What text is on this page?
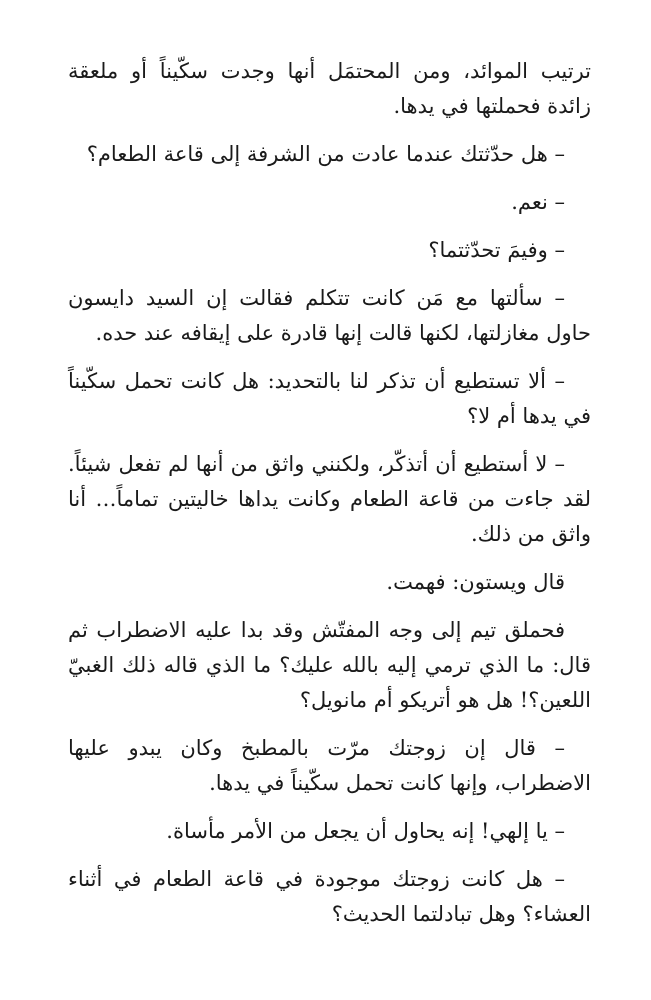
ترتيب الموائد، ومن المحتمَل أنها وجدت سكّيناً أو ملعقة زائدة فحملتها في يدها.

– هل حدّثتك عندما عادت من الشرفة إلى قاعة الطعام؟

– نعم.

– وفيمَ تحدّثتما؟

– سألتها مع مَن كانت تتكلم فقالت إن السيد دايسون حاول مغازلتها، لكنها قالت إنها قادرة على إيقافه عند حده.

– ألا تستطيع أن تذكر لنا بالتحديد: هل كانت تحمل سكّيناً في يدها أم لا؟

– لا أستطيع أن أتذكّر، ولكنني واثق من أنها لم تفعل شيئاً. لقد جاءت من قاعة الطعام وكانت يداها خاليتين تماماً… أنا واثق من ذلك.

قال ويستون: فهمت.

فحملق تيم إلى وجه المفتّش وقد بدا عليه الاضطراب ثم قال: ما الذي ترمي إليه بالله عليك؟ ما الذي قاله ذلك الغبيّ اللعين؟! هل هو أتريكو أم مانويل؟

– قال إن زوجتك مرّت بالمطبخ وكان يبدو عليها الاضطراب، وإنها كانت تحمل سكّيناً في يدها.

– يا إلهي! إنه يحاول أن يجعل من الأمر مأساة.

– هل كانت زوجتك موجودة في قاعة الطعام في أثناء العشاء؟ وهل تبادلتما الحديث؟
